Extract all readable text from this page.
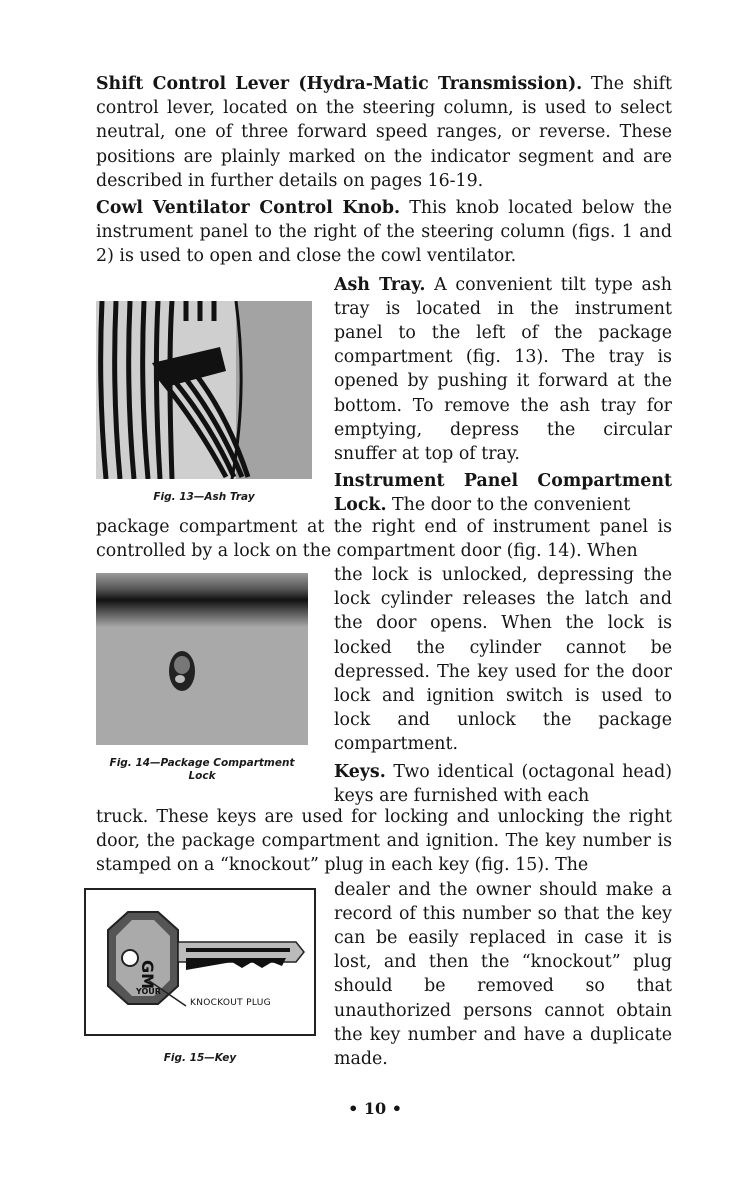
Shift Control Lever (Hydra-Matic Transmission). The shift control lever, located on the steering column, is used to select neutral, one of three forward speed ranges, or reverse. These positions are plainly marked on the indicator segment and are described in further details on pages 16-19.

Cowl Ventilator Control Knob. This knob located below the instrument panel to the right of the steering column (figs. 1 and 2) is used to open and close the cowl ventilator.

Fig. 13—Ash Tray

Ash Tray. A convenient tilt type ash tray is located in the instrument panel to the left of the package compartment (fig. 13). The tray is opened by pushing it forward at the bottom. To remove the ash tray for emptying, depress the circular snuffer at top of tray.

Instrument Panel Compartment Lock. The door to the convenient

package compartment at the right end of instrument panel is controlled by a lock on the compartment door (fig. 14). When

Fig. 14—Package Compartment Lock

the lock is unlocked, depressing the lock cylinder releases the latch and the door opens. When the lock is locked the cylinder cannot be depressed. The key used for the door lock and ignition switch is used to lock and unlock the package compartment.

Keys. Two identical (octagonal head) keys are furnished with each

truck. These keys are used for locking and unlocking the right door, the package compartment and ignition. The key number is stamped on a “knockout” plug in each key (fig. 15). The

GM
YOUR
KNOCKOUT PLUG
Fig. 15—Key

dealer and the owner should make a record of this number so that the key can be easily replaced in case it is lost, and then the “knockout” plug should be removed so that unauthorized persons cannot obtain the key number and have a duplicate made.

• 10 •
